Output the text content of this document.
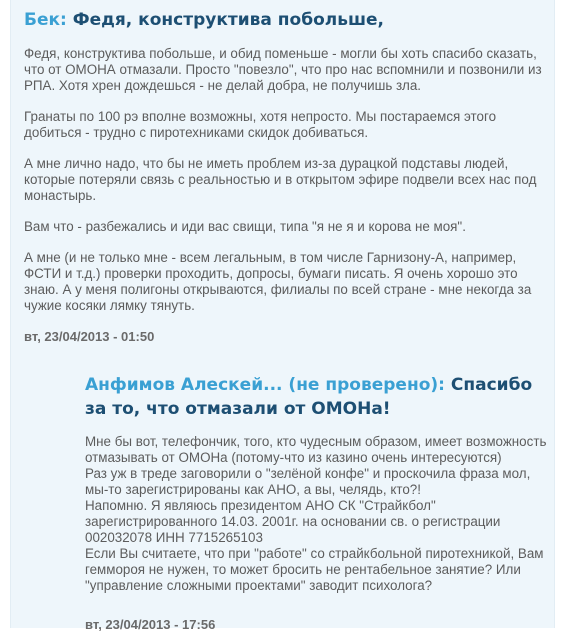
Бек: Федя, конструктива побольше,

Федя, конструктива побольше, и обид поменьше - могли бы хоть спасибо сказать, что от ОМОНА отмазали. Просто "повезло", что про нас вспомнили и позвонили из РПА. Хотя хрен дождешься - не делай добра, не получишь зла.

Гранаты по 100 рэ вполне возможны, хотя непросто. Мы постараемся этого добиться - трудно с пиротехниками скидок добиваться.

А мне лично надо, что бы не иметь проблем из-за дурацкой подставы людей, которые потеряли связь с реальностью и в открытом эфире подвели всех нас под монастырь.

Вам что - разбежались и иди вас свищи, типа "я не я и корова не моя".

А мне (и не только мне - всем легальным, в том числе Гарнизону-А, например, ФСТИ и т.д.) проверки проходить, допросы, бумаги писать. Я очень хорошо это знаю. А у меня полигоны открываются, филиалы по всей стране - мне некогда за чужие косяки лямку тянуть.

вт, 23/04/2013 - 01:50
Анфимов Алескей... (не проверено): Спасибо за то, что отмазали от ОМОНа!
Мне бы вот, телефончик, того, кто чудесным образом, имеет возможность отмазывать от ОМОНа (потому-что из казино очень интересуются)
Раз уж в треде заговорили о "зелёной конфе" и проскочила фраза мол, мы-то зарегистрированы как АНО, а вы, челядь, кто?!
Напомню. Я являюсь президентом АНО СК "Страйкбол" зарегистрированного 14.03. 2001г. на основании св. о регистрации 002032078 ИНН 7715265103
Если Вы считаете, что при "работе" со страйкбольной пиротехникой, Вам геммороя не нужен, то может бросить не рентабельное занятие? Или "управление сложными проектами" заводит психолога?
вт, 23/04/2013 - 17:56
